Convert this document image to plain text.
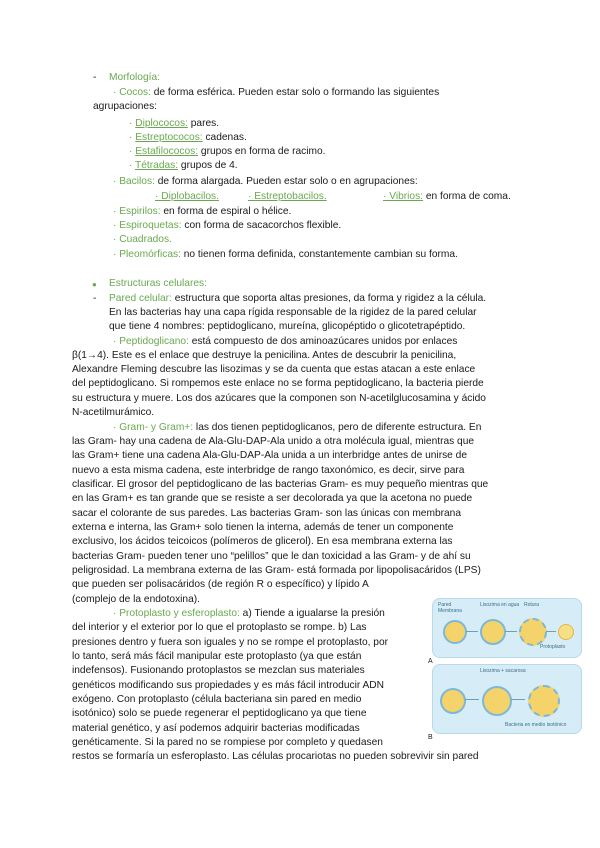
- Morfología:
· Cocos: de forma esférica. Pueden estar solo o formando las siguientes
agrupaciones:
· Diplococos: pares.
· Estreptococos: cadenas.
· Estafilococos: grupos en forma de racimo.
· Tétradas: grupos de 4.
· Bacilos: de forma alargada. Pueden estar solo o en agrupaciones:
· Diplobacilos.	· Estreptobacilos.	· Vibrios: en forma de coma.
· Espirilos: en forma de espiral o hélice.
· Espiroquetas: con forma de sacacorchos flexible.
· Cuadrados.
· Pleomórficas: no tienen forma definida, constantemente cambian su forma.
● Estructuras celulares:
- Pared celular: estructura que soporta altas presiones, da forma y rigidez a la célula.
En las bacterias hay una capa rígida responsable de la rigidez de la pared celular
que tiene 4 nombres: peptidoglicano, mureína, glicopéptido o glicotetrapéptido.
· Peptidoglicano: está compuesto de dos aminoazúcares unidos por enlaces
β(1→4). Este es el enlace que destruye la penicilina. Antes de descubrir la penicilina,
Alexandre Fleming descubre las lisozimas y se da cuenta que estas atacan a este enlace
del peptidoglicano. Si rompemos este enlace no se forma peptidoglicano, la bacteria pierde
su estructura y muere. Los dos azúcares que la componen son N-acetilglucosamina y ácido
N-acetilmurámico.
· Gram- y Gram+: las dos tienen peptidoglicanos, pero de diferente estructura. En
las Gram- hay una cadena de Ala-Glu-DAP-Ala unido a otra molécula igual, mientras que
las Gram+ tiene una cadena Ala-Glu-DAP-Ala unida a un interbridge antes de unirse de
nuevo a esta misma cadena, este interbridge de rango taxonómico, es decir, sirve para
clasificar. El grosor del peptidoglicano de las bacterias Gram- es muy pequeño mientras que
en las Gram+ es tan grande que se resiste a ser decolorada ya que la acetona no puede
sacar el colorante de sus paredes. Las bacterias Gram- son las únicas con membrana
externa e interna, las Gram+ solo tienen la interna, además de tener un componente
exclusivo, los ácidos teicoicos (polímeros de glicerol). En esa membrana externa las
bacterias Gram- pueden tener uno “pelillos” que le dan toxicidad a las Gram- y de ahí su
peligrosidad. La membrana externa de las Gram- está formada por lipopolisacáridos (LPS)
que pueden ser polisacáridos (de región R o específico) y lípido A
(complejo de la endotoxina).
· Protoplasto y esferoplasto: a) Tiende a igualarse la presión
del interior y el exterior por lo que el protoplasto se rompe. b) Las
presiones dentro y fuera son iguales y no se rompe el protoplasto, por
lo tanto, será más fácil manipular este protoplasto (ya que están
indefensos). Fusionando protoplastos se mezclan sus materiales
genéticos modificando sus propiedades y es más fácil introducir ADN
exógeno. Con protoplasto (célula bacteriana sin pared en medio
isotónico) solo se puede regenerar el peptidoglicano ya que tiene
material genético, y así podemos adquirir bacterias modificadas
genéticamente. Si la pared no se rompiese por completo y quedasen
restos se formaría un esferoplasto. Las células procariotas no pueden sobrevivir sin pared
A
Pared
Membrana
Lisozima en agua Rotura
Protoplasto
B
Lisozima + sacarosa
Bacteria en medio isotónico
